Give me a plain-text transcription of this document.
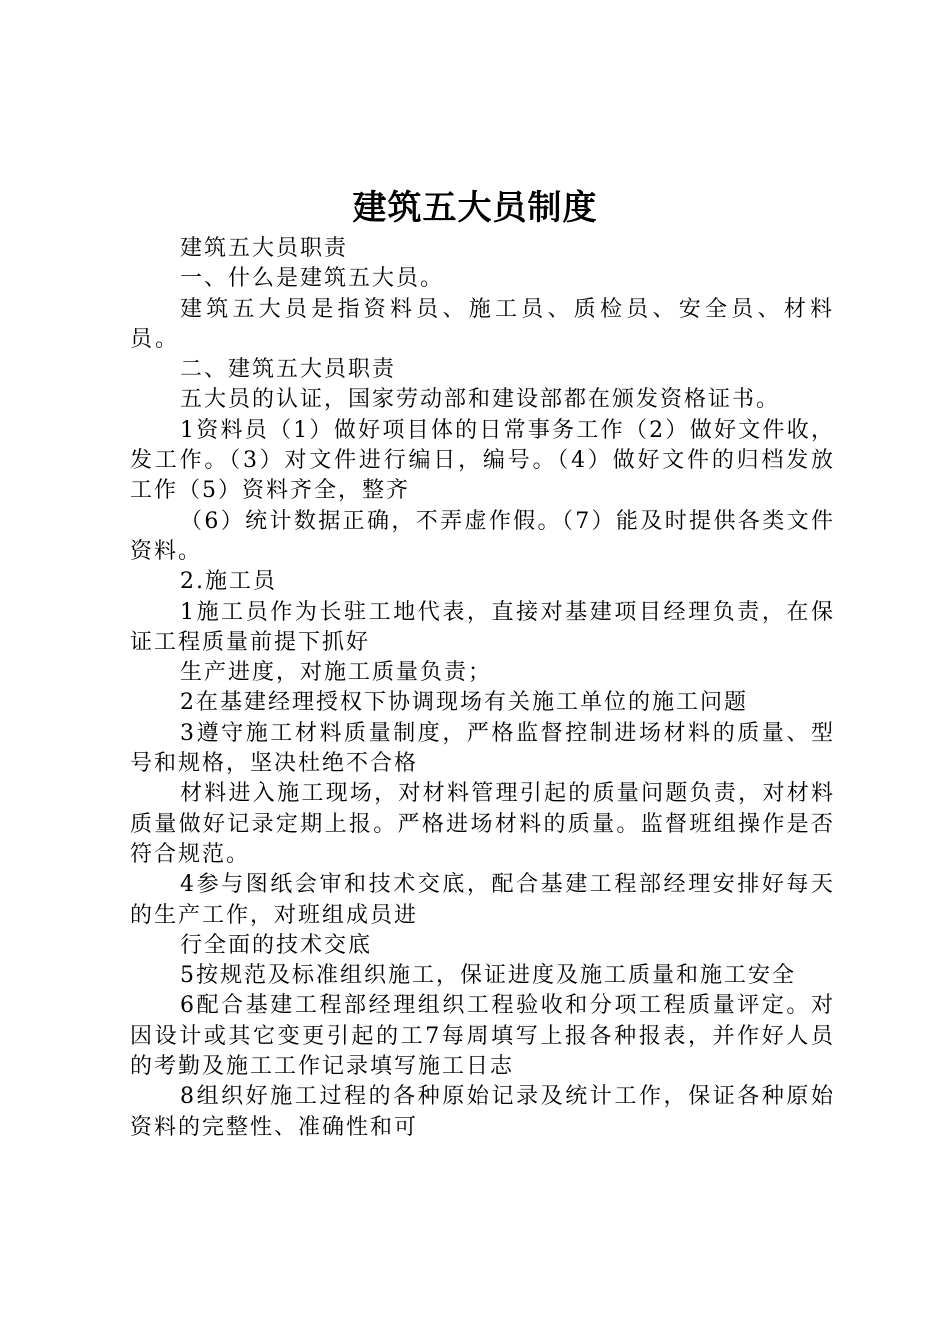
建筑五大员制度

建筑五大员职责

一、什么是建筑五大员。

建筑五大员是指资料员、施工员、质检员、安全员、材料员。

二、建筑五大员职责

五大员的认证，国家劳动部和建设部都在颁发资格证书。

1资料员（1）做好项目体的日常事务工作（2）做好文件收，发工作。（3）对文件进行编日，编号。（4）做好文件的归档发放工作（5）资料齐全，整齐

（6）统计数据正确，不弄虚作假。（7）能及时提供各类文件资料。

2.施工员

1施工员作为长驻工地代表，直接对基建项目经理负责，在保证工程质量前提下抓好

生产进度，对施工质量负责；

2在基建经理授权下协调现场有关施工单位的施工问题

3遵守施工材料质量制度，严格监督控制进场材料的质量、型号和规格，坚决杜绝不合格

材料进入施工现场，对材料管理引起的质量问题负责，对材料质量做好记录定期上报。严格进场材料的质量。监督班组操作是否符合规范。

4参与图纸会审和技术交底，配合基建工程部经理安排好每天的生产工作，对班组成员进

行全面的技术交底

5按规范及标准组织施工，保证进度及施工质量和施工安全

6配合基建工程部经理组织工程验收和分项工程质量评定。对因设计或其它变更引起的工7每周填写上报各种报表，并作好人员的考勤及施工工作记录填写施工日志

8组织好施工过程的各种原始记录及统计工作，保证各种原始资料的完整性、准确性和可
